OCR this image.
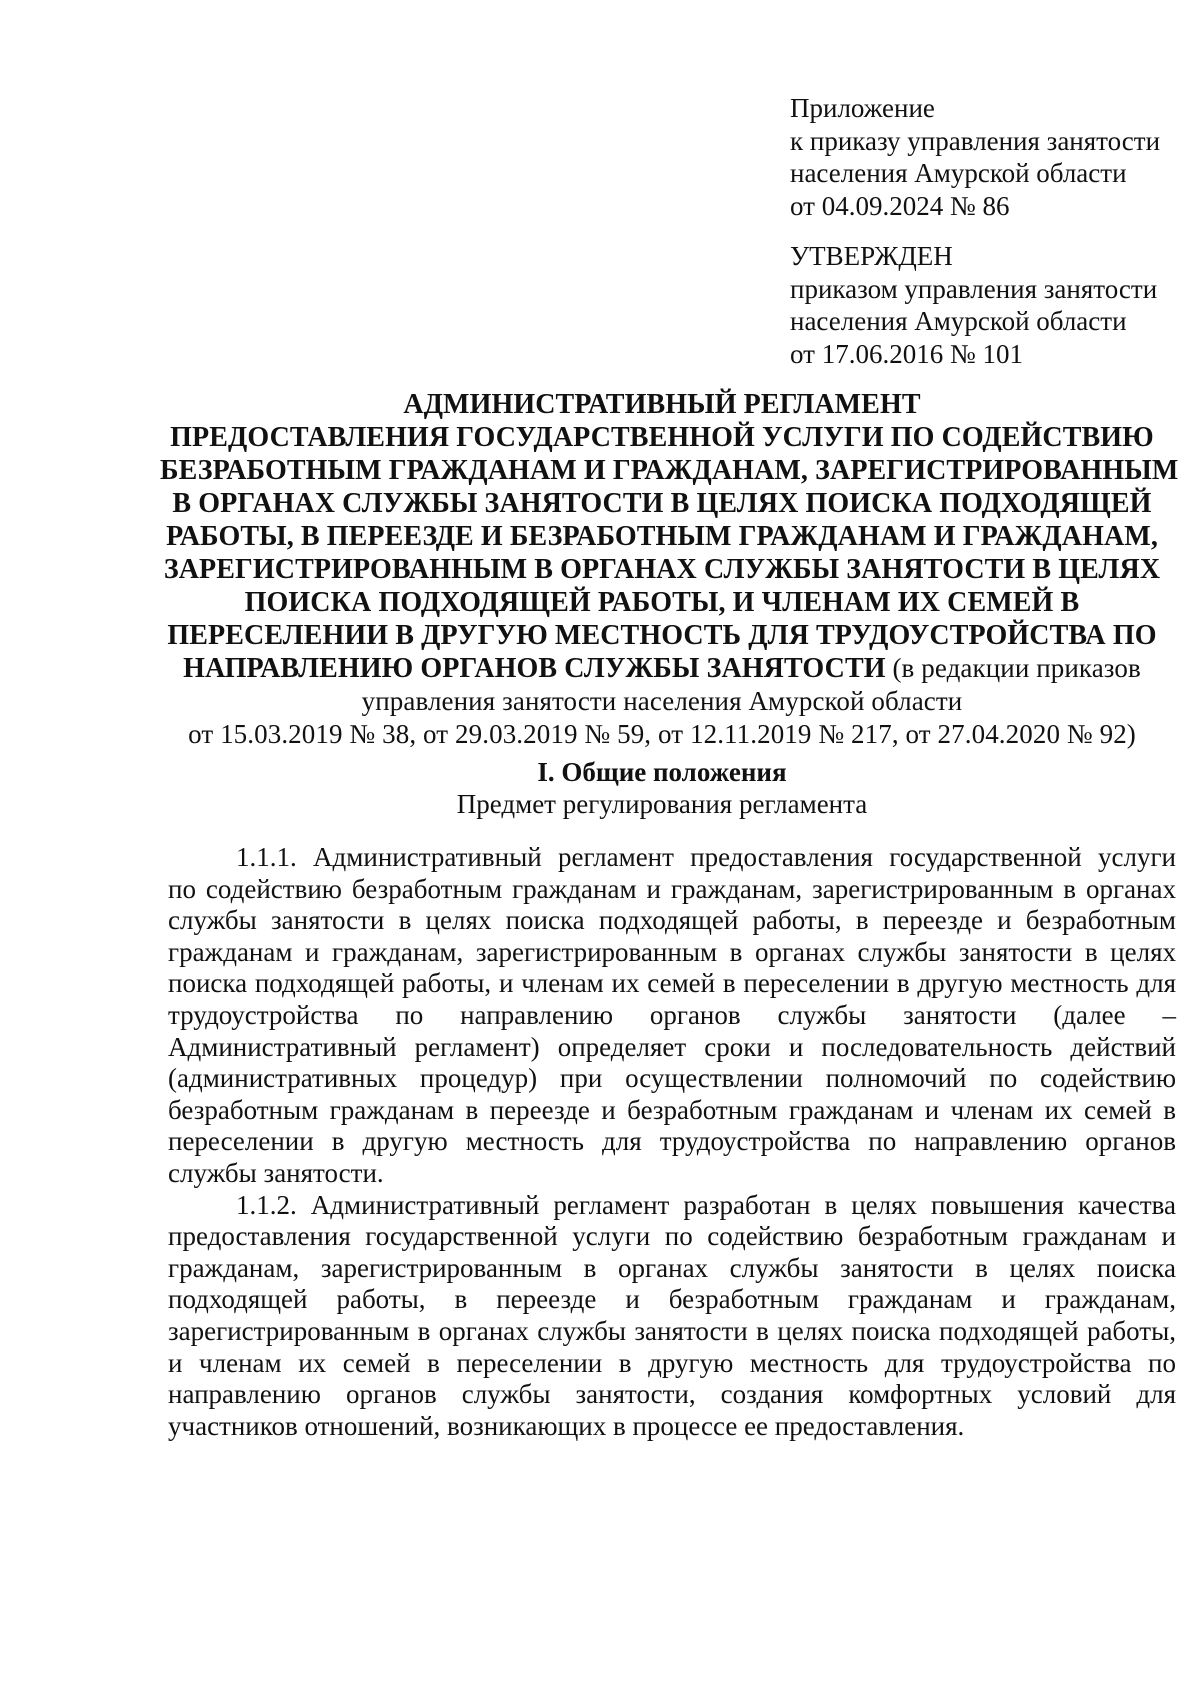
Приложение
к приказу управления занятости
населения Амурской области
от 04.09.2024 № 86
УТВЕРЖДЕН
приказом управления занятости
населения Амурской области
от 17.06.2016 № 101
АДМИНИСТРАТИВНЫЙ РЕГЛАМЕНТ
ПРЕДОСТАВЛЕНИЯ ГОСУДАРСТВЕННОЙ УСЛУГИ ПО СОДЕЙСТВИЮ
БЕЗРАБОТНЫМ ГРАЖДАНАМ И ГРАЖДАНАМ, ЗАРЕГИСТРИРОВАННЫМ
В ОРГАНАХ СЛУЖБЫ ЗАНЯТОСТИ В ЦЕЛЯХ ПОИСКА ПОДХОДЯЩЕЙ
РАБОТЫ, В ПЕРЕЕЗДЕ И БЕЗРАБОТНЫМ ГРАЖДАНАМ И ГРАЖДАНАМ,
ЗАРЕГИСТРИРОВАННЫМ В ОРГАНАХ СЛУЖБЫ ЗАНЯТОСТИ В ЦЕЛЯХ
ПОИСКА ПОДХОДЯЩЕЙ РАБОТЫ, И ЧЛЕНАМ ИХ СЕМЕЙ В
ПЕРЕСЕЛЕНИИ В ДРУГУЮ МЕСТНОСТЬ ДЛЯ ТРУДОУСТРОЙСТВА ПО
НАПРАВЛЕНИЮ ОРГАНОВ СЛУЖБЫ ЗАНЯТОСТИ (в редакции приказов
управления занятости населения Амурской области
от 15.03.2019 № 38, от 29.03.2019 № 59, от 12.11.2019 № 217, от 27.04.2020 № 92)
I. Общие положения
Предмет регулирования регламента
1.1.1. Административный регламент предоставления государственной услуги
по содействию безработным гражданам и гражданам, зарегистрированным в органах
службы занятости в целях поиска подходящей работы, в переезде и безработным
гражданам и гражданам, зарегистрированным в органах службы занятости в целях
поиска подходящей работы, и членам их семей в переселении в другую местность для
трудоустройства по направлению органов службы занятости (далее –
Административный регламент) определяет сроки и последовательность действий
(административных процедур) при осуществлении полномочий по содействию
безработным гражданам в переезде и безработным гражданам и членам их семей в
переселении в другую местность для трудоустройства по направлению органов
службы занятости.
1.1.2. Административный регламент разработан в целях повышения качества
предоставления государственной услуги по содействию безработным гражданам и
гражданам, зарегистрированным в органах службы занятости в целях поиска
подходящей работы, в переезде и безработным гражданам и гражданам,
зарегистрированным в органах службы занятости в целях поиска подходящей работы,
и членам их семей в переселении в другую местность для трудоустройства по
направлению органов службы занятости, создания комфортных условий для
участников отношений, возникающих в процессе ее предоставления.
